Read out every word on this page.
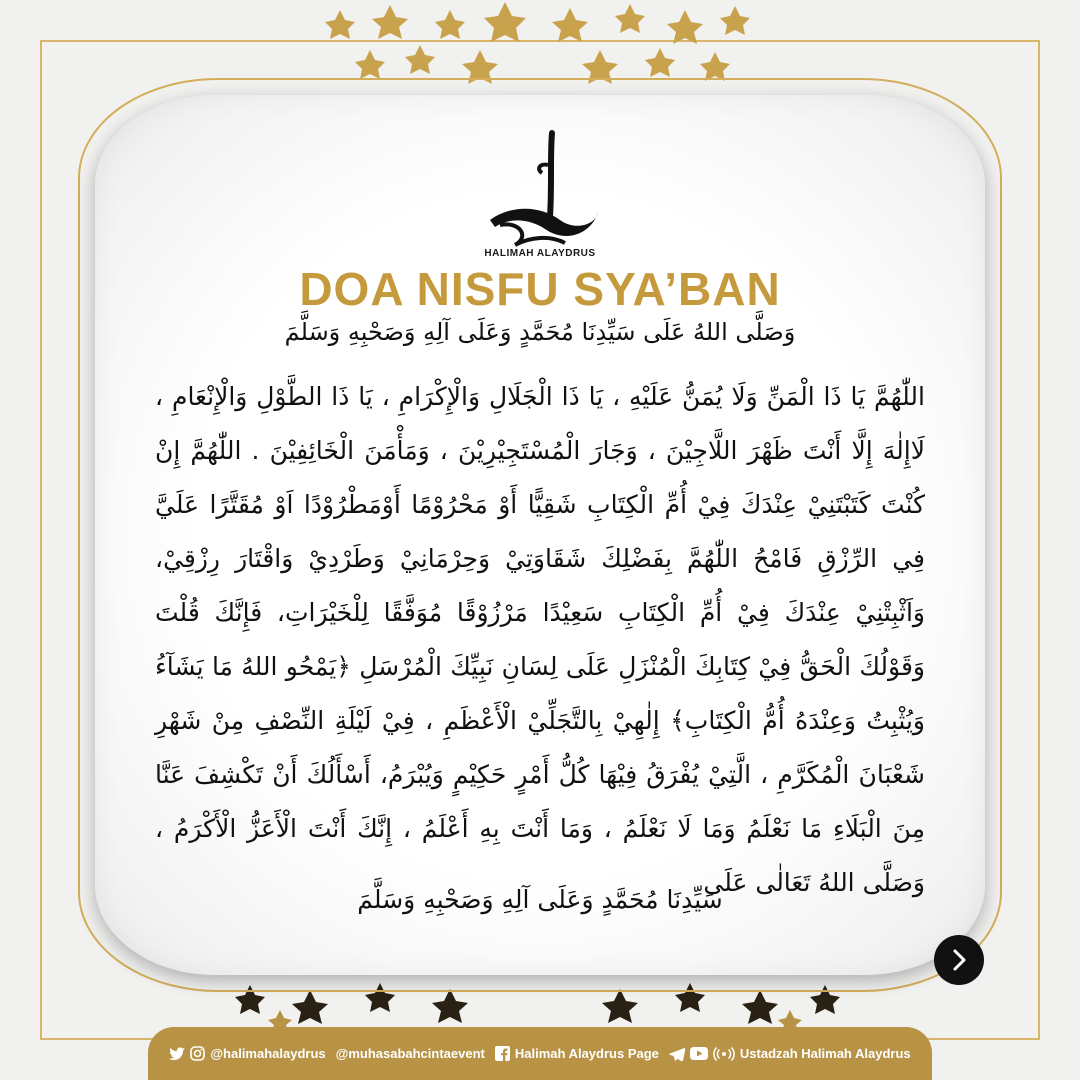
HALIMAH ALAYDRUS
DOA NISFU SYA’BAN
وَصَلَّى اللهُ عَلَى سَيِّدِنَا مُحَمَّدٍ وَعَلَى آلِهِ وَصَحْبِهِ وَسَلَّمَ
اللّٰهُمَّ يَا ذَا الْمَنِّ وَلَا يُمَنُّ عَلَيْهِ ، يَا ذَا الْجَلَالِ وَالْإِكْرَامِ ، يَا ذَا الطَّوْلِ وَالْإِنْعَامِ ، لَاإِلٰهَ إِلَّا أَنْتَ ظَهْرَ اللَّاجِيْنَ ، وَجَارَ الْمُسْتَجِيْرِيْنَ ، وَمَأْمَنَ الْخَائِفِيْنَ . اللّٰهُمَّ إِنْ كُنْتَ كَتَبْتَنِيْ عِنْدَكَ فِيْ أُمِّ الْكِتَابِ شَقِيًّا أَوْ مَحْرُوْمًا أَوْمَطْرُوْدًا اَوْ مُقَتَّرًا عَلَيَّ فِي الرِّزْقِ فَامْحُ اللّٰهُمَّ بِفَضْلِكَ شَقَاوَتِيْ وَحِرْمَانِيْ وَطَرْدِيْ وَاقْتَارَ رِزْقِيْ، وَاَثْبِتْنِيْ عِنْدَكَ فِيْ أُمِّ الْكِتَابِ سَعِيْدًا مَرْزُوْقًا مُوَفَّقًا لِلْخَيْرَاتِ، فَإِنَّكَ قُلْتَ وَقَوْلُكَ الْحَقُّ فِيْ كِتَابِكَ الْمُنْزَلِ عَلَى لِسَانِ نَبِيِّكَ الْمُرْسَلِ ﴿يَمْحُو اللهُ مَا يَشَآءُ وَيُثْبِتُ وَعِنْدَهُ أُمُّ الْكِتَابِ﴾ إِلٰهِيْ بِالتَّجَلِّيْ الْأَعْظَمِ ، فِيْ لَيْلَةِ النِّصْفِ مِنْ شَهْرِ شَعْبَانَ الْمُكَرَّمِ ، الَّتِيْ يُفْرَقُ فِيْهَا كُلُّ أَمْرٍ حَكِيْمٍ وَيُبْرَمُ، أَسْأَلُكَ أَنْ تَكْشِفَ عَنَّا مِنَ الْبَلَاءِ مَا نَعْلَمُ وَمَا لَا نَعْلَمُ ، وَمَا أَنْتَ بِهِ أَعْلَمُ ، إِنَّكَ أَنْتَ الْأَعَزُّ الْأَكْرَمُ ، وَصَلَّى اللهُ تَعَالٰى عَلَى
سَيِّدِنَا مُحَمَّدٍ وَعَلَى آلِهِ وَصَحْبِهِ وَسَلَّمَ
@halimahalaydrus @muhasabahcintaevent Halimah Alaydrus Page	Ustadzah Halimah Alaydrus
